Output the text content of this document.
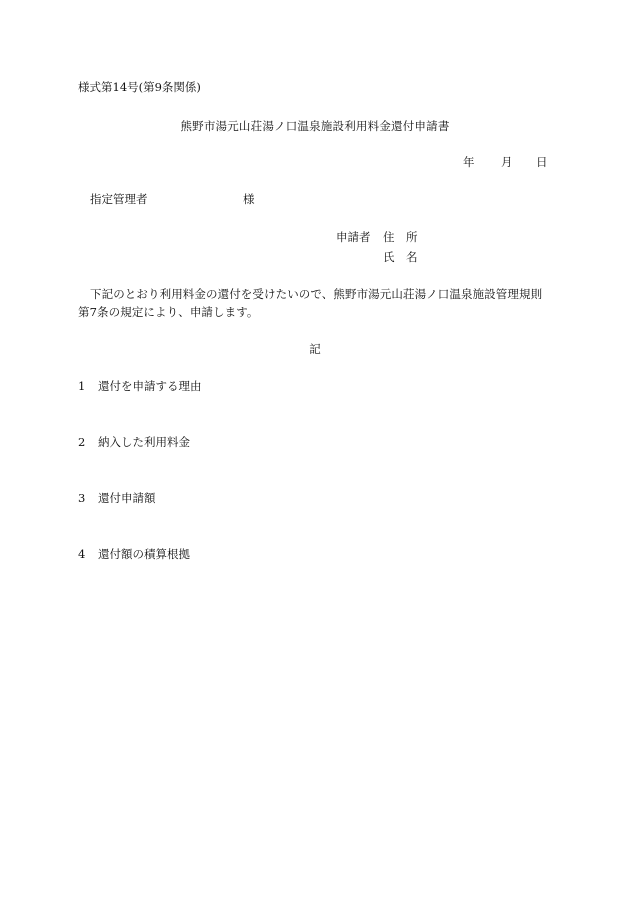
様式第14号(第9条関係)
熊野市湯元山荘湯ノ口温泉施設利用料金還付申請書
年 月 日
指定管理者	様
申請者 住　所
氏　名
下記のとおり利用料金の還付を受けたいので、熊野市湯元山荘湯ノ口温泉施設管理規則
第7条の規定により、申請します。
記
1 還付を申請する理由
2 納入した利用料金
3 還付申請額
4 還付額の積算根拠
